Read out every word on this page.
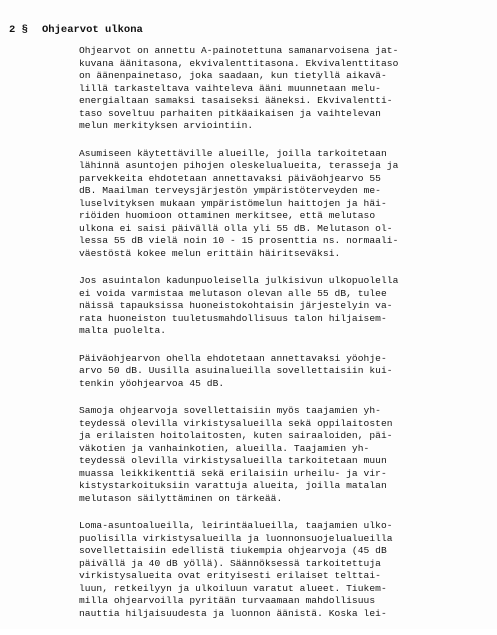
2 § Ohjearvot ulkona

Ohjearvot on annettu A-painotettuna samanarvoisena jat-
kuvana äänitasona, ekvivalenttitasona. Ekvivalenttitaso
on äänenpainetaso, joka saadaan, kun tietyllä aikavä-
lillä tarkasteltava vaihteleva ääni muunnetaan melu-
energialtaan samaksi tasaiseksi ääneksi. Ekvivalentti-
taso soveltuu parhaiten pitkäaikaisen ja vaihtelevan
melun merkityksen arviointiin.

Asumiseen käytettäville alueille, joilla tarkoitetaan
lähinnä asuntojen pihojen oleskelualueita, terasseja ja
parvekkeita ehdotetaan annettavaksi päiväohjearvo 55
dB. Maailman terveysjärjestön ympäristöterveyden me-
luselvityksen mukaan ympäristömelun haittojen ja häi-
riöiden huomioon ottaminen merkitsee, että melutaso
ulkona ei saisi päivällä olla yli 55 dB. Melutason ol-
lessa 55 dB vielä noin 10 - 15 prosenttia ns. normaali-
väestöstä kokee melun erittäin häiritseväksi.

Jos asuintalon kadunpuoleisella julkisivun ulkopuolella
ei voida varmistaa melutason olevan alle 55 dB, tulee
näissä tapauksissa huoneistokohtaisin järjestelyin va-
rata huoneiston tuuletusmahdollisuus talon hiljaisem-
malta puolelta.

Päiväohjearvon ohella ehdotetaan annettavaksi yöohje-
arvo 50 dB. Uusilla asuinalueilla sovellettaisiin kui-
tenkin yöohjearvoa 45 dB.

Samoja ohjearvoja sovellettaisiin myös taajamien yh-
teydessä olevilla virkistysalueilla sekä oppilaitosten
ja erilaisten hoitolaitosten, kuten sairaaloiden, päi-
väkotien ja vanhainkotien, alueilla. Taajamien yh-
teydessä olevilla virkistysalueilla tarkoitetaan muun
muassa leikkikenttiä sekä erilaisiin urheilu- ja vir-
kistystarkoituksiin varattuja alueita, joilla matalan
melutason säilyttäminen on tärkeää.

Loma-asuntoalueilla, leirintäalueilla, taajamien ulko-
puolisilla virkistysalueilla ja luonnonsuojelualueilla
sovellettaisiin edellistä tiukempia ohjearvoja (45 dB
päivällä ja 40 dB yöllä). Säännöksessä tarkoitettuja
virkistysalueita ovat erityisesti erilaiset telttai-
luun, retkeilyyn ja ulkoiluun varatut alueet. Tiukem-
milla ohjearvoilla pyritään turvaamaan mahdollisuus
nauttia hiljaisuudesta ja luonnon äänistä. Koska lei-
